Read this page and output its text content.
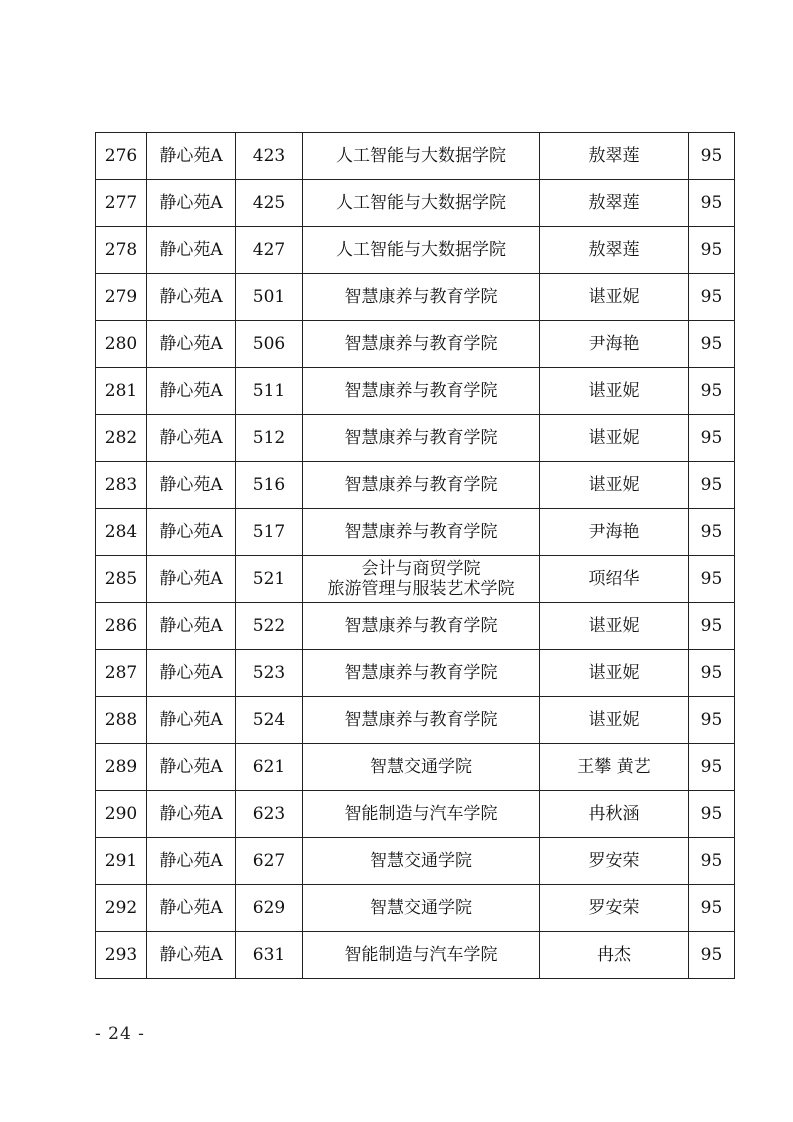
276	静心苑A	423	人工智能与大数据学院	敖翠莲	95
277	静心苑A	425	人工智能与大数据学院	敖翠莲	95
278	静心苑A	427	人工智能与大数据学院	敖翠莲	95
279	静心苑A	501	智慧康养与教育学院	谌亚妮	95
280	静心苑A	506	智慧康养与教育学院	尹海艳	95
281	静心苑A	511	智慧康养与教育学院	谌亚妮	95
282	静心苑A	512	智慧康养与教育学院	谌亚妮	95
283	静心苑A	516	智慧康养与教育学院	谌亚妮	95
284	静心苑A	517	智慧康养与教育学院	尹海艳	95
285	静心苑A	521	会计与商贸学院
旅游管理与服装艺术学院	项绍华	95
286	静心苑A	522	智慧康养与教育学院	谌亚妮	95
287	静心苑A	523	智慧康养与教育学院	谌亚妮	95
288	静心苑A	524	智慧康养与教育学院	谌亚妮	95
289	静心苑A	621	智慧交通学院	王攀 黄艺	95
290	静心苑A	623	智能制造与汽车学院	冉秋涵	95
291	静心苑A	627	智慧交通学院	罗安荣	95
292	静心苑A	629	智慧交通学院	罗安荣	95
293	静心苑A	631	智能制造与汽车学院	冉杰	95
- 24 -
